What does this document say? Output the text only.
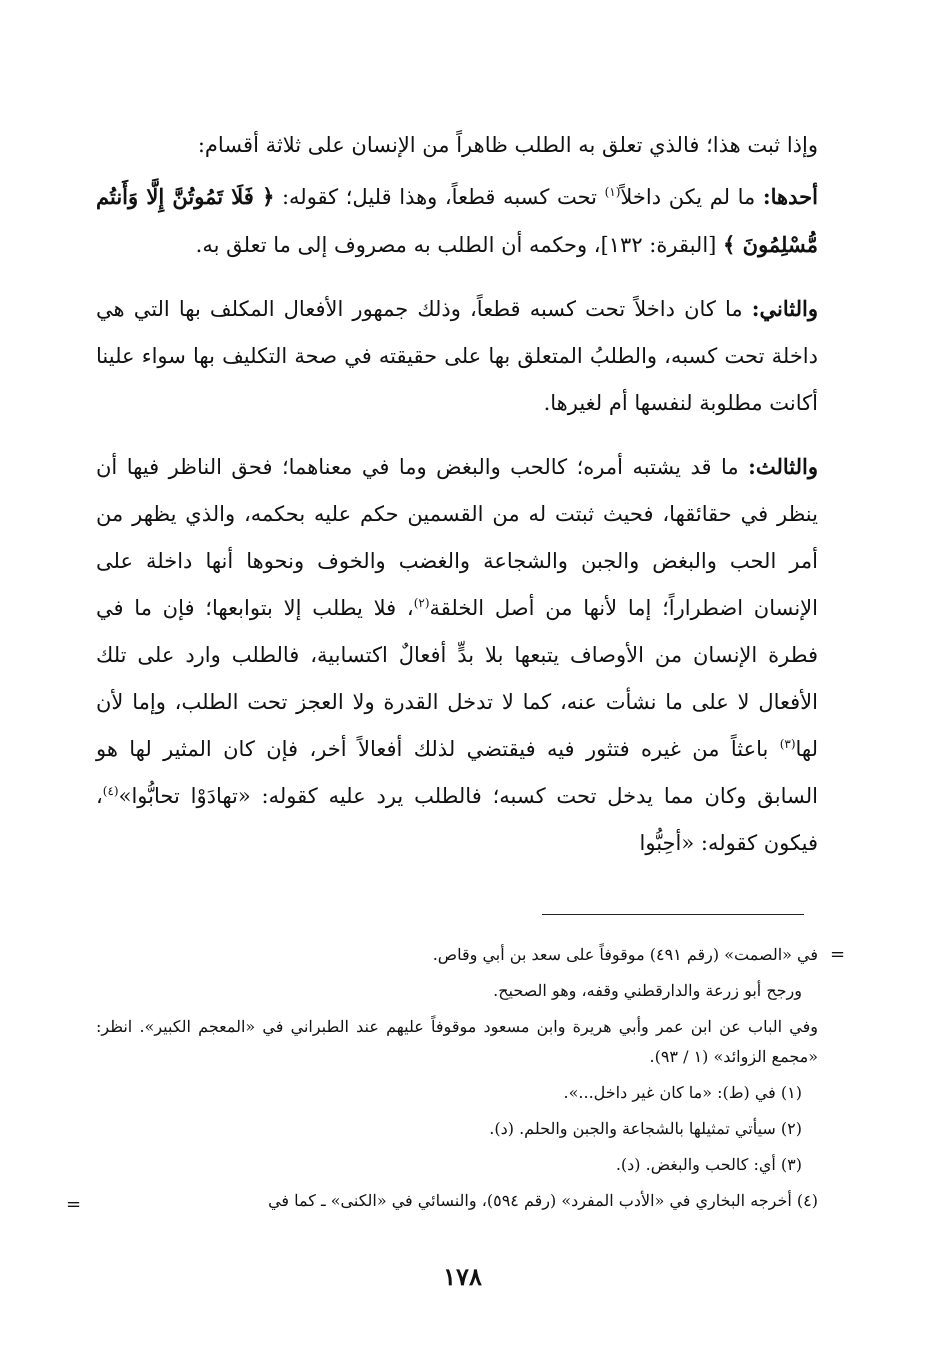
وإذا ثبت هذا؛ فالذي تعلق به الطلب ظاهراً من الإنسان على ثلاثة أقسام:

أحدها: ما لم يكن داخلاً$^{(١)}$ تحت كسبه قطعاً، وهذا قليل؛ كقوله: ﴿ فَلَا تَمُوتُنَّ إِلَّا وَأَنتُم مُّسْلِمُونَ ﴾ [البقرة: ١٣٢]، وحكمه أن الطلب به مصروف إلى ما تعلق به.

والثاني: ما كان داخلاً تحت كسبه قطعاً، وذلك جمهور الأفعال المكلف بها التي هي داخلة تحت كسبه، والطلبُ المتعلق بها على حقيقته في صحة التكليف بها سواء علينا أكانت مطلوبة لنفسها أم لغيرها.

والثالث: ما قد يشتبه أمره؛ كالحب والبغض وما في معناهما؛ فحق الناظر فيها أن ينظر في حقائقها، فحيث ثبتت له من القسمين حكم عليه بحكمه، والذي يظهر من أمر الحب والبغض والجبن والشجاعة والغضب والخوف ونحوها أنها داخلة على الإنسان اضطراراً؛ إما لأنها من أصل الخلقة$^{(٢)}$، فلا يطلب إلا بتوابعها؛ فإن ما في فطرة الإنسان من الأوصاف يتبعها بلا بدٍّ أفعالٌ اكتسابية، فالطلب وارد على تلك الأفعال لا على ما نشأت عنه، كما لا تدخل القدرة ولا العجز تحت الطلب، وإما لأن لها$^{(٣)}$ باعثاً من غيره فتثور فيه فيقتضي لذلك أفعالاً أخر، فإن كان المثير لها هو السابق وكان مما يدخل تحت كسبه؛ فالطلب يرد عليه كقوله: «تهادَوْا تحابُّوا»$^{(٤)}$، فيكون كقوله: «أحِبُّوا

=

في «الصمت» (رقم ٤٩١) موقوفاً على سعد بن أبي وقاص.

ورجح أبو زرعة والدارقطني وقفه، وهو الصحيح.

وفي الباب عن ابن عمر وأبي هريرة وابن مسعود موقوفاً عليهم عند الطبراني في «المعجم الكبير». انظر: «مجمع الزوائد» (١ / ٩٣).

(١) في (ط): «ما كان غير داخل...».

(٢) سيأتي تمثيلها بالشجاعة والجبن والحلم. (د).

(٣) أي: كالحب والبغض. (د).

(٤) أخرجه البخاري في «الأدب المفرد» (رقم ٥٩٤)، والنسائي في «الكنى» ـ كما في

=
١٧٨
